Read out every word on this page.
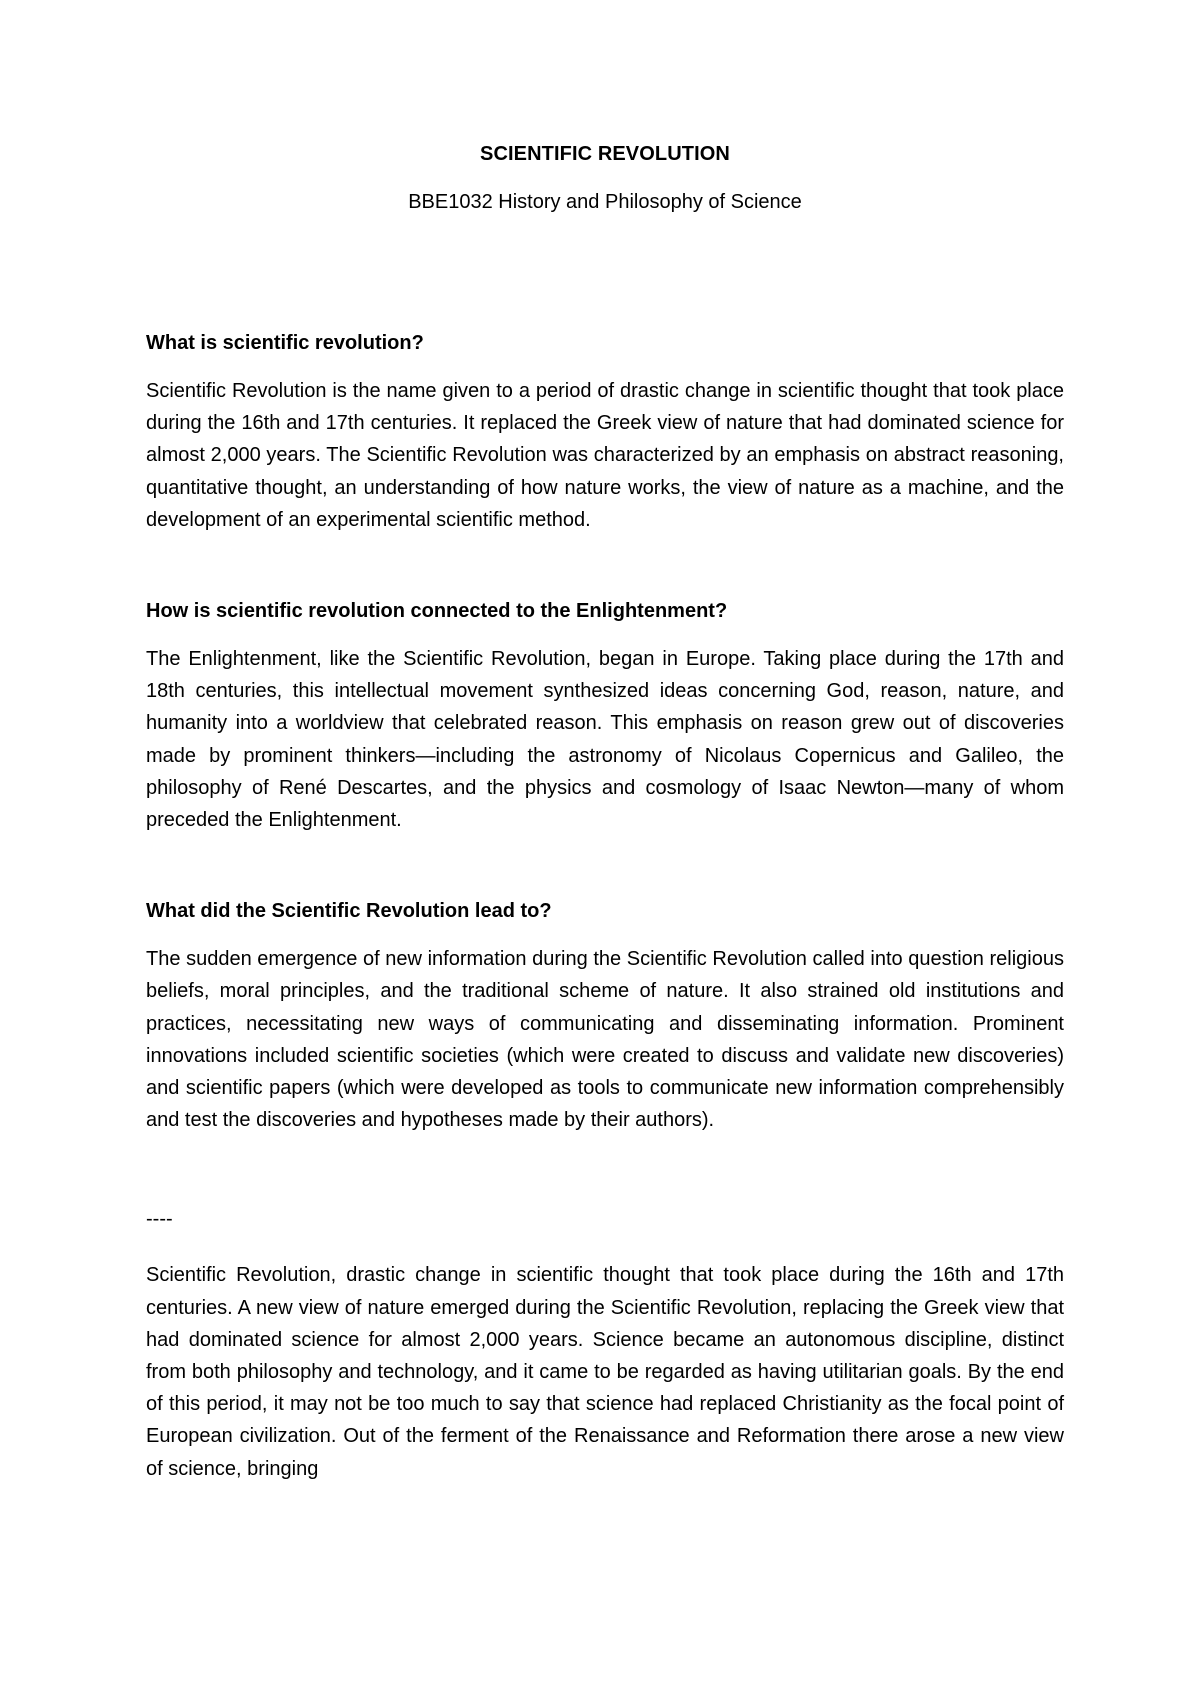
SCIENTIFIC REVOLUTION

BBE1032 History and Philosophy of Science

What is scientific revolution?

Scientific Revolution is the name given to a period of drastic change in scientific thought that took place during the 16th and 17th centuries. It replaced the Greek view of nature that had dominated science for almost 2,000 years. The Scientific Revolution was characterized by an emphasis on abstract reasoning, quantitative thought, an understanding of how nature works, the view of nature as a machine, and the development of an experimental scientific method.

How is scientific revolution connected to the Enlightenment?

The Enlightenment, like the Scientific Revolution, began in Europe. Taking place during the 17th and 18th centuries, this intellectual movement synthesized ideas concerning God, reason, nature, and humanity into a worldview that celebrated reason. This emphasis on reason grew out of discoveries made by prominent thinkers—including the astronomy of Nicolaus Copernicus and Galileo, the philosophy of René Descartes, and the physics and cosmology of Isaac Newton—many of whom preceded the Enlightenment.

What did the Scientific Revolution lead to?

The sudden emergence of new information during the Scientific Revolution called into question religious beliefs, moral principles, and the traditional scheme of nature. It also strained old institutions and practices, necessitating new ways of communicating and disseminating information. Prominent innovations included scientific societies (which were created to discuss and validate new discoveries) and scientific papers (which were developed as tools to communicate new information comprehensibly and test the discoveries and hypotheses made by their authors).

----

Scientific Revolution, drastic change in scientific thought that took place during the 16th and 17th centuries. A new view of nature emerged during the Scientific Revolution, replacing the Greek view that had dominated science for almost 2,000 years. Science became an autonomous discipline, distinct from both philosophy and technology, and it came to be regarded as having utilitarian goals. By the end of this period, it may not be too much to say that science had replaced Christianity as the focal point of European civilization. Out of the ferment of the Renaissance and Reformation there arose a new view of science, bringing
